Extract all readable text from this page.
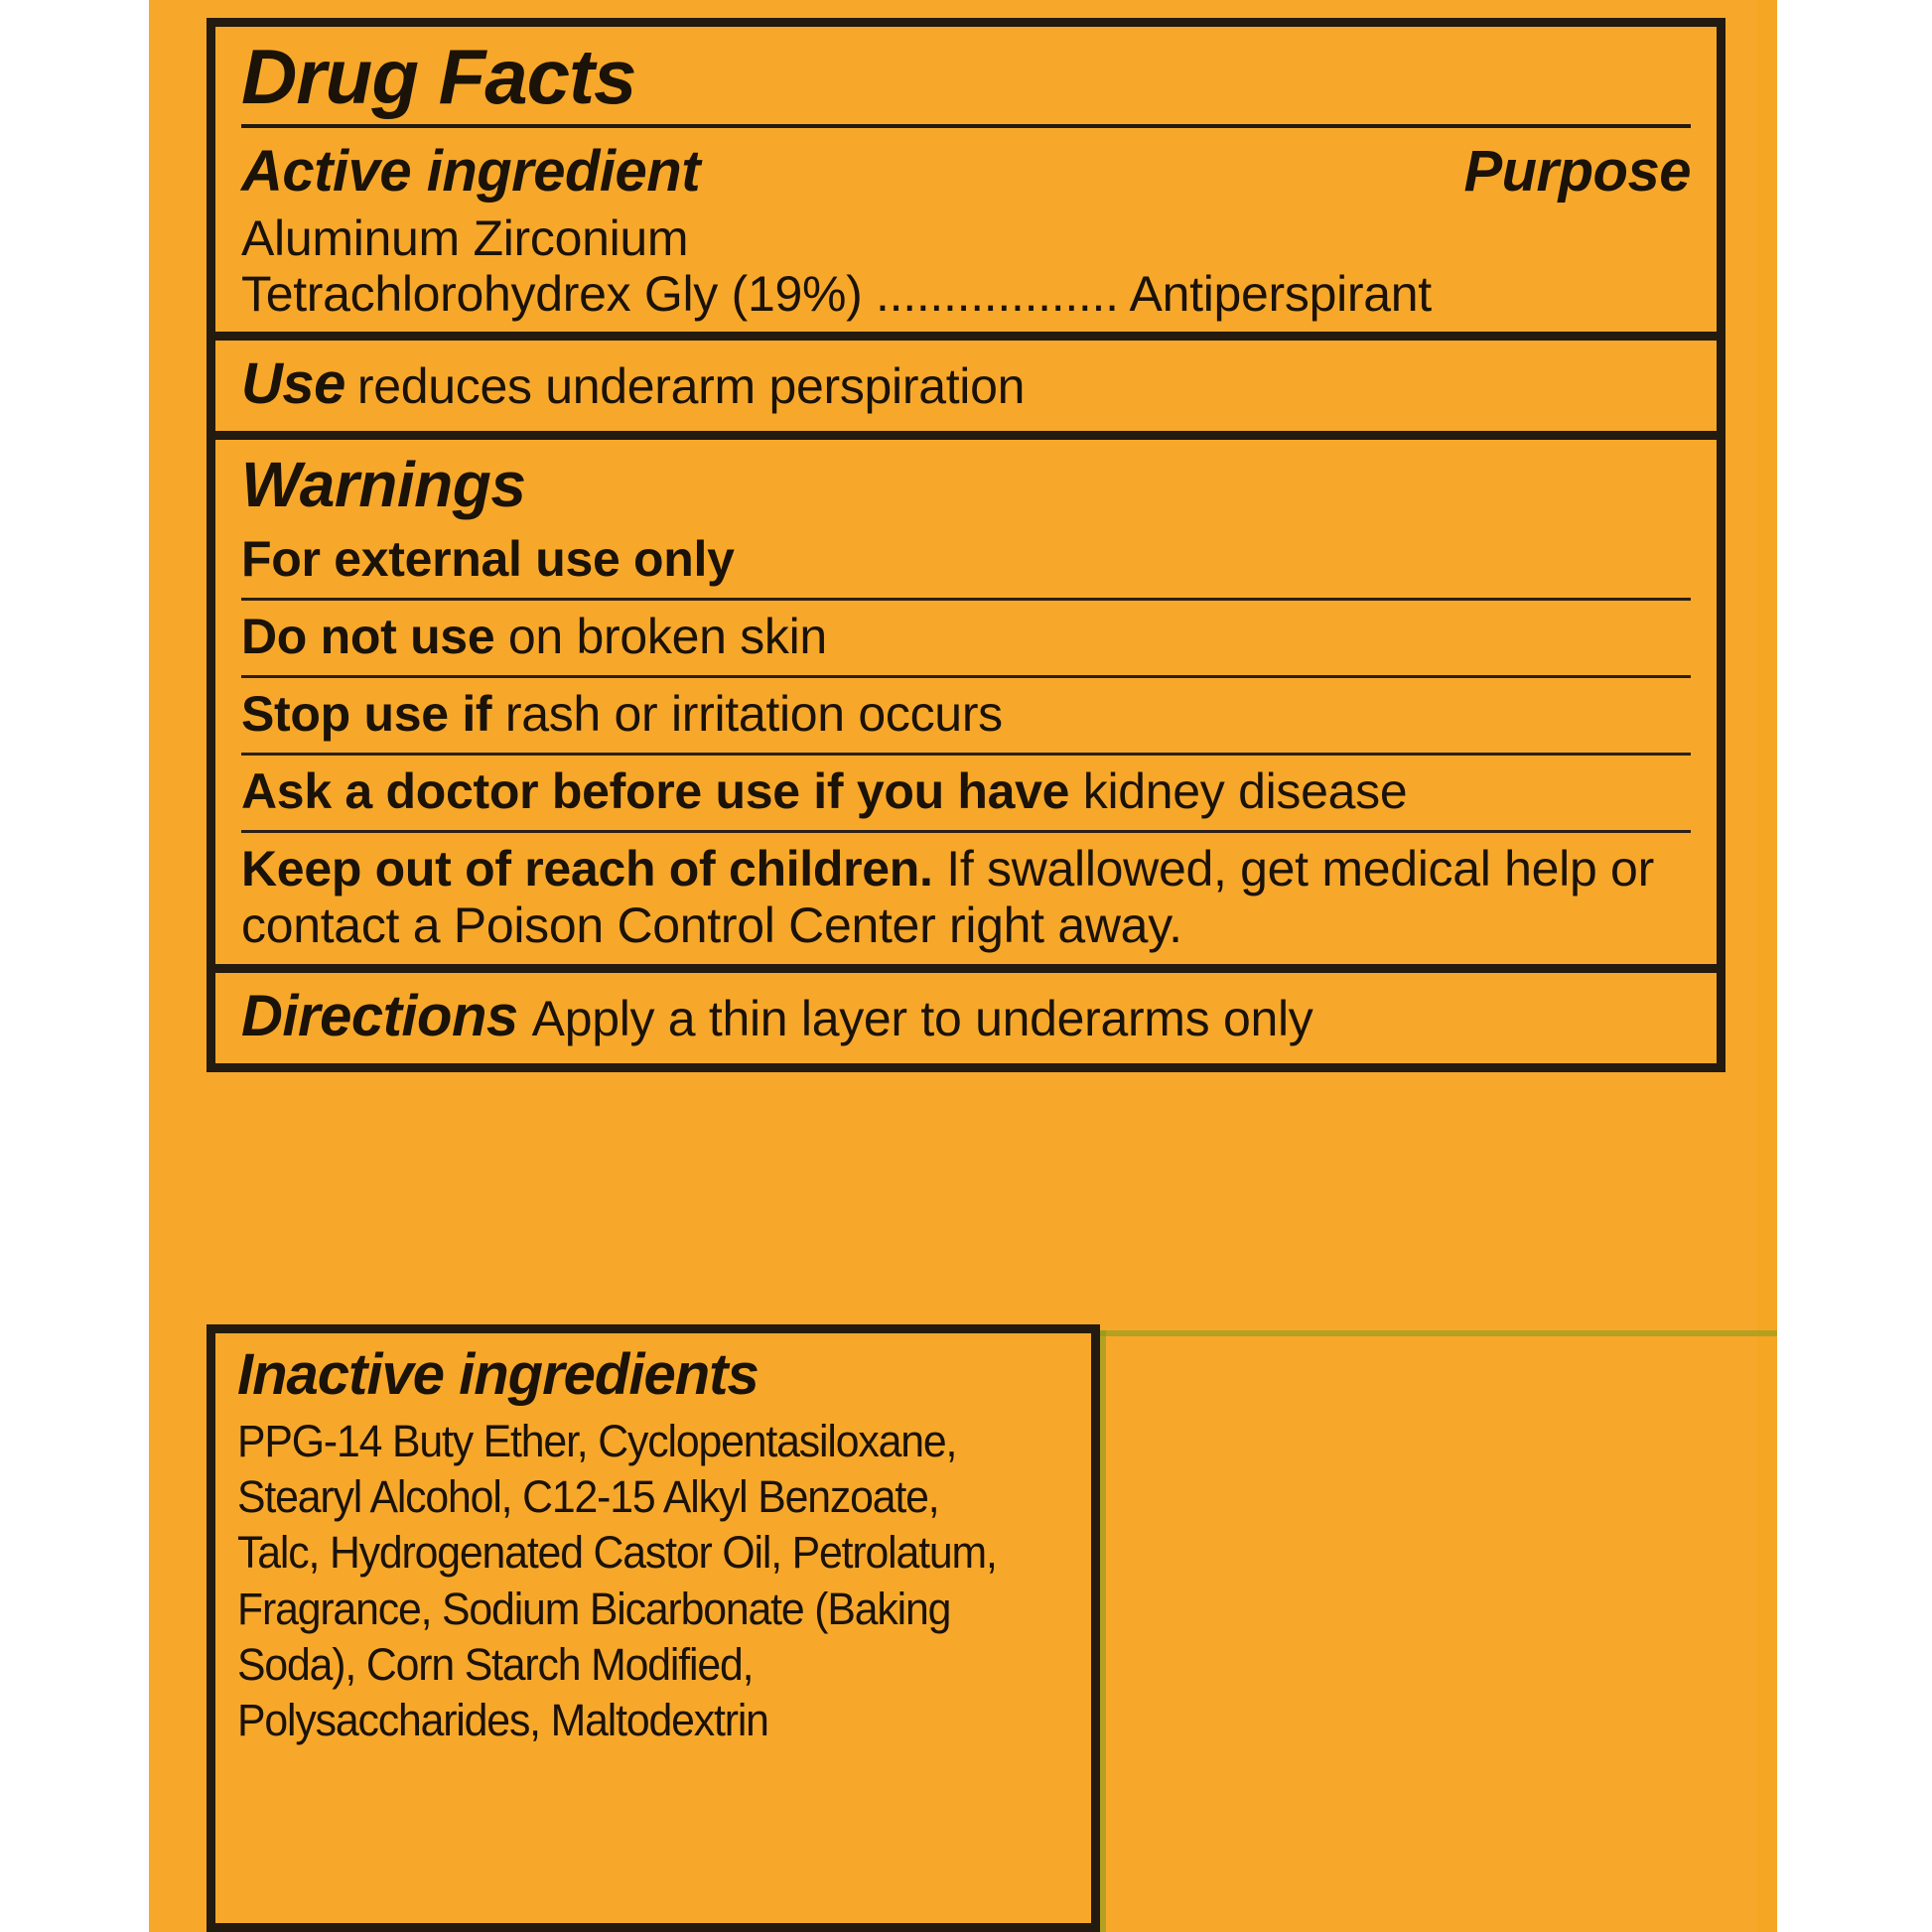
Drug Facts
Active ingredient	Purpose
Aluminum Zirconium
Tetrachlorohydrex Gly (19%) .................. Antiperspirant
Use reduces underarm perspiration
Warnings
For external use only
Do not use on broken skin
Stop use if rash or irritation occurs
Ask a doctor before use if you have kidney disease
Keep out of reach of children. If swallowed, get medical help or contact a Poison Control Center right away.
Directions Apply a thin layer to underarms only
Inactive ingredients
PPG-14 Buty Ether, Cyclopentasiloxane, Stearyl Alcohol, C12-15 Alkyl Benzoate, Talc, Hydrogenated Castor Oil, Petrolatum, Fragrance, Sodium Bicarbonate (Baking Soda), Corn Starch Modified, Polysaccharides, Maltodextrin
